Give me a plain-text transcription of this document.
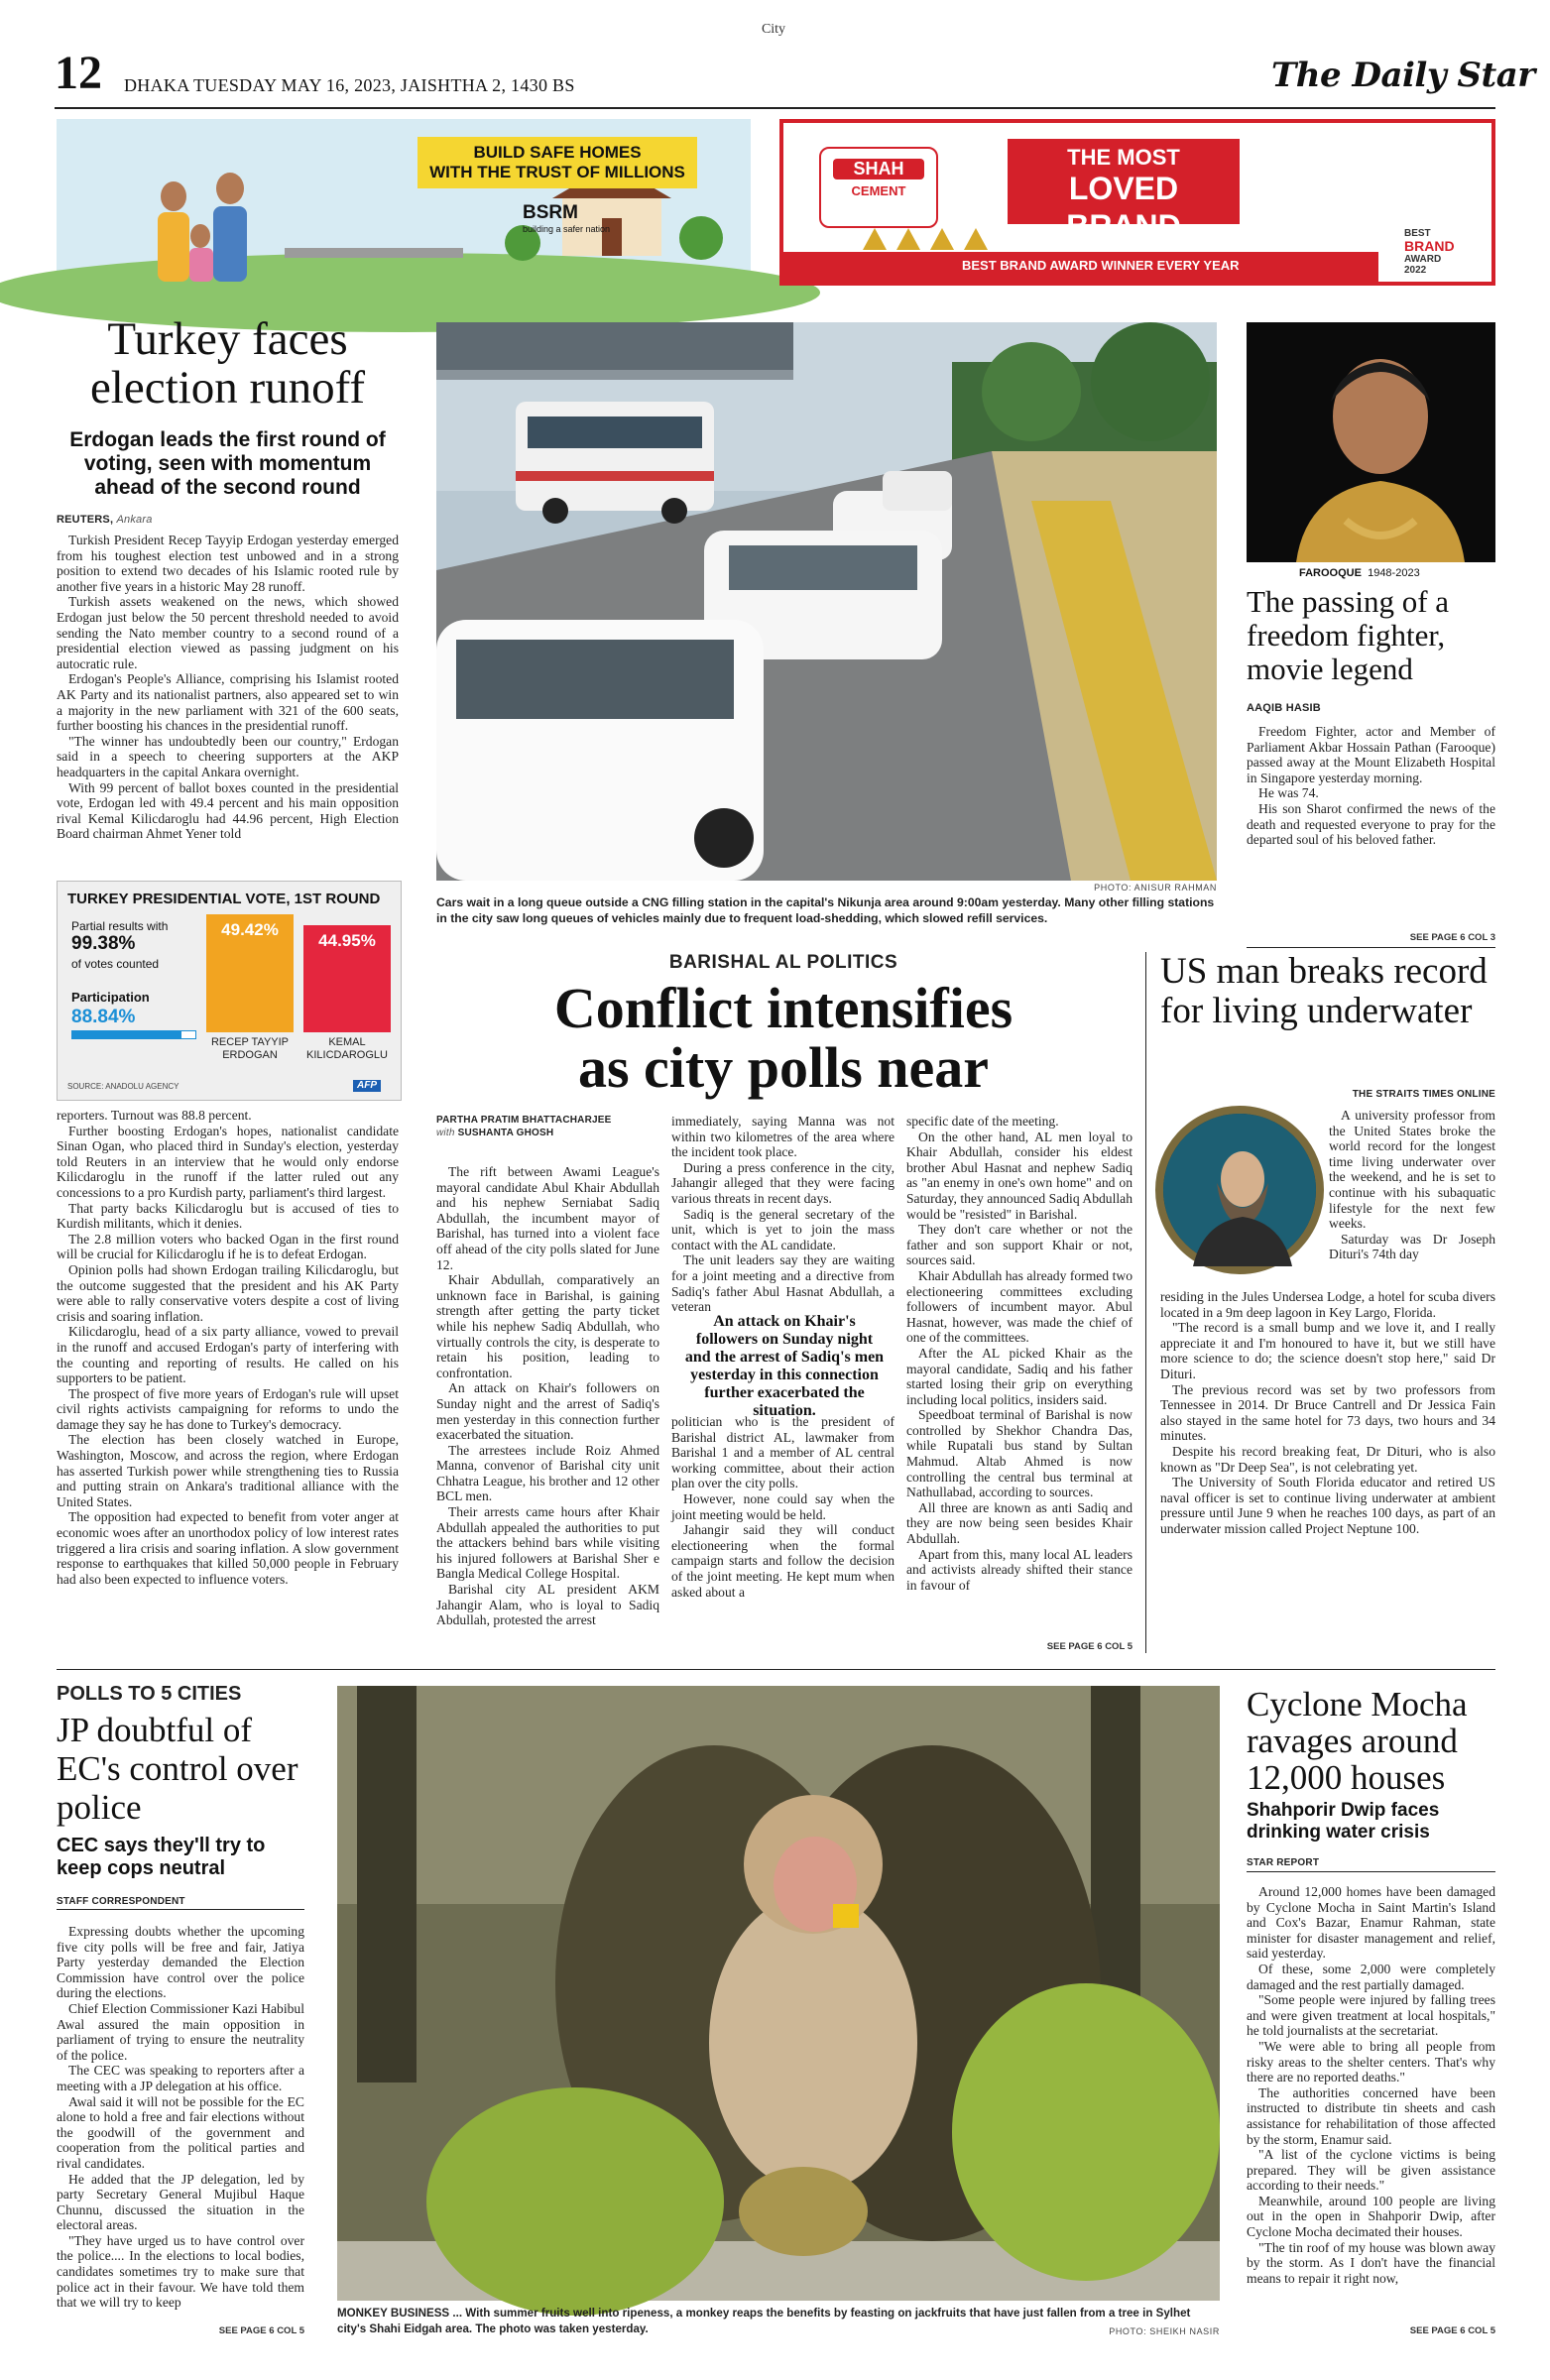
City
12 DHAKA TUESDAY MAY 16, 2023, JAISHTHA 2, 1430 BS	The Daily Star
BUILD SAFE HOMES
WITH THE TRUST OF MILLIONS
BSRM
building a safer nation
SHAH
CEMENT
THE MOST
LOVED BRAND
BEST BRAND AWARD WINNER EVERY YEAR
BEST
BRAND
AWARD
2022
Turkey faces election runoff
Erdogan leads the first round of voting, seen with momentum ahead of the second round
REUTERS, Ankara

Turkish President Recep Tayyip Erdogan yesterday emerged from his toughest election test unbowed and in a strong position to extend two decades of his Islamic rooted rule by another five years in a historic May 28 runoff.

Turkish assets weakened on the news, which showed Erdogan just below the 50 percent threshold needed to avoid sending the Nato member country to a second round of a presidential election viewed as passing judgment on his autocratic rule.

Erdogan's People's Alliance, comprising his Islamist rooted AK Party and its nationalist partners, also appeared set to win a majority in the new parliament with 321 of the 600 seats, further boosting his chances in the presidential runoff.

"The winner has undoubtedly been our country," Erdogan said in a speech to cheering supporters at the AKP headquarters in the capital Ankara overnight.

With 99 percent of ballot boxes counted in the presidential vote, Erdogan led with 49.4 percent and his main opposition rival Kemal Kilicdaroglu had 44.96 percent, High Election Board chairman Ahmet Yener told

TURKEY PRESIDENTIAL VOTE, 1ST ROUND
Partial results with
99.38%
of votes counted
Participation
88.84%
49.42%
44.95%
RECEP TAYYIP
ERDOGAN
KEMAL
KILICDAROGLU
SOURCE: ANADOLU AGENCY	AFP

reporters. Turnout was 88.8 percent.

Further boosting Erdogan's hopes, nationalist candidate Sinan Ogan, who placed third in Sunday's election, yesterday told Reuters in an interview that he would only endorse Kilicdaroglu in the runoff if the latter ruled out any concessions to a pro Kurdish party, parliament's third largest.

That party backs Kilicdaroglu but is accused of ties to Kurdish militants, which it denies.

The 2.8 million voters who backed Ogan in the first round will be crucial for Kilicdaroglu if he is to defeat Erdogan.

Opinion polls had shown Erdogan trailing Kilicdaroglu, but the outcome suggested that the president and his AK Party were able to rally conservative voters despite a cost of living crisis and soaring inflation.

Kilicdaroglu, head of a six party alliance, vowed to prevail in the runoff and accused Erdogan's party of interfering with the counting and reporting of results. He called on his supporters to be patient.

The prospect of five more years of Erdogan's rule will upset civil rights activists campaigning for reforms to undo the damage they say he has done to Turkey's democracy.

The election has been closely watched in Europe, Washington, Moscow, and across the region, where Erdogan has asserted Turkish power while strengthening ties to Russia and putting strain on Ankara's traditional alliance with the United States.

The opposition had expected to benefit from voter anger at economic woes after an unorthodox policy of low interest rates triggered a lira crisis and soaring inflation. A slow government response to earthquakes that killed 50,000 people in February had also been expected to influence voters.

PHOTO: ANISUR RAHMAN
Cars wait in a long queue outside a CNG filling station in the capital's Nikunja area around 9:00am yesterday. Many other filling stations in the city saw long queues of vehicles mainly due to frequent load-shedding, which slowed refill services.
FAROOQUE 1948-2023
The passing of a freedom fighter, movie legend
AAQIB HASIB

Freedom Fighter, actor and Member of Parliament Akbar Hossain Pathan (Farooque) passed away at the Mount Elizabeth Hospital in Singapore yesterday morning.

He was 74.

His son Sharot confirmed the news of the death and requested everyone to pray for the departed soul of his beloved father.

SEE PAGE 6 COL 3
BARISHAL AL POLITICS
Conflict intensifies
as city polls near
PARTHA PRATIM BHATTACHARJEE
with SUSHANTA GHOSH

The rift between Awami League's mayoral candidate Abul Khair Abdullah and his nephew Serniabat Sadiq Abdullah, the incumbent mayor of Barishal, has turned into a violent face off ahead of the city polls slated for June 12.

Khair Abdullah, comparatively an unknown face in Barishal, is gaining strength after getting the party ticket while his nephew Sadiq Abdullah, who virtually controls the city, is desperate to retain his position, leading to confrontation.

An attack on Khair's followers on Sunday night and the arrest of Sadiq's men yesterday in this connection further exacerbated the situation.

The arrestees include Roiz Ahmed Manna, convenor of Barishal city unit Chhatra League, his brother and 12 other BCL men.

Their arrests came hours after Khair Abdullah appealed the authorities to put the attackers behind bars while visiting his injured followers at Barishal Sher e Bangla Medical College Hospital.

Barishal city AL president AKM Jahangir Alam, who is loyal to Sadiq Abdullah, protested the arrest

immediately, saying Manna was not within two kilometres of the area where the incident took place.

During a press conference in the city, Jahangir alleged that they were facing various threats in recent days.

Sadiq is the general secretary of the unit, which is yet to join the mass contact with the AL candidate.

The unit leaders say they are waiting for a joint meeting and a directive from Sadiq's father Abul Hasnat Abdullah, a veteran

An attack on Khair's followers on Sunday night and the arrest of Sadiq's men yesterday in this connection further exacerbated the situation.

politician who is the president of Barishal district AL, lawmaker from Barishal 1 and a member of AL central working committee, about their action plan over the city polls.

However, none could say when the joint meeting would be held.

Jahangir said they will conduct electioneering when the formal campaign starts and follow the decision of the joint meeting. He kept mum when asked about a

specific date of the meeting.

On the other hand, AL men loyal to Khair Abdullah, consider his eldest brother Abul Hasnat and nephew Sadiq as "an enemy in one's own home" and on Saturday, they announced Sadiq Abdullah would be "resisted" in Barishal.

They don't care whether or not the father and son support Khair or not, sources said.

Khair Abdullah has already formed two electioneering committees excluding followers of incumbent mayor. Abul Hasnat, however, was made the chief of one of the committees.

After the AL picked Khair as the mayoral candidate, Sadiq and his father started losing their grip on everything including local politics, insiders said.

Speedboat terminal of Barishal is now controlled by Shekhor Chandra Das, while Rupatali bus stand by Sultan Mahmud. Altab Ahmed is now controlling the central bus terminal at Nathullabad, according to sources.

All three are known as anti Sadiq and they are now being seen besides Khair Abdullah.

Apart from this, many local AL leaders and activists already shifted their stance in favour of

SEE PAGE 6 COL 5
US man breaks record for living underwater
THE STRAITS TIMES ONLINE

A university professor from the United States broke the world record for the longest time living underwater over the weekend, and he is set to continue with his subaquatic lifestyle for the next few weeks.

Saturday was Dr Joseph Dituri's 74th day

residing in the Jules Undersea Lodge, a hotel for scuba divers located in a 9m deep lagoon in Key Largo, Florida.

"The record is a small bump and we love it, and I really appreciate it and I'm honoured to have it, but we still have more science to do; the science doesn't stop here," said Dr Dituri.

The previous record was set by two professors from Tennessee in 2014. Dr Bruce Cantrell and Dr Jessica Fain also stayed in the same hotel for 73 days, two hours and 34 minutes.

Despite his record breaking feat, Dr Dituri, who is also known as "Dr Deep Sea", is not celebrating yet.

The University of South Florida educator and retired US naval officer is set to continue living underwater at ambient pressure until June 9 when he reaches 100 days, as part of an underwater mission called Project Neptune 100.

POLLS TO 5 CITIES
JP doubtful of EC's control over police
CEC says they'll try to keep cops neutral
STAFF CORRESPONDENT

Expressing doubts whether the upcoming five city polls will be free and fair, Jatiya Party yesterday demanded the Election Commission have control over the police during the elections.

Chief Election Commissioner Kazi Habibul Awal assured the main opposition in parliament of trying to ensure the neutrality of the police.

The CEC was speaking to reporters after a meeting with a JP delegation at his office.

Awal said it will not be possible for the EC alone to hold a free and fair elections without the goodwill of the government and cooperation from the political parties and rival candidates.

He added that the JP delegation, led by party Secretary General Mujibul Haque Chunnu, discussed the situation in the electoral areas.

"They have urged us to have control over the police.... In the elections to local bodies, candidates sometimes try to make sure that police act in their favour. We have told them that we will try to keep

SEE PAGE 6 COL 5
MONKEY BUSINESS ... With summer fruits well into ripeness, a monkey reaps the benefits by feasting on jackfruits that have just fallen from a tree in Sylhet city's Shahi Eidgah area. The photo was taken yesterday.	PHOTO: SHEIKH NASIR
Cyclone Mocha ravages around 12,000 houses
Shahporir Dwip faces drinking water crisis
STAR REPORT

Around 12,000 homes have been damaged by Cyclone Mocha in Saint Martin's Island and Cox's Bazar, Enamur Rahman, state minister for disaster management and relief, said yesterday.

Of these, some 2,000 were completely damaged and the rest partially damaged.

"Some people were injured by falling trees and were given treatment at local hospitals," he told journalists at the secretariat.

"We were able to bring all people from risky areas to the shelter centers. That's why there are no reported deaths."

The authorities concerned have been instructed to distribute tin sheets and cash assistance for rehabilitation of those affected by the storm, Enamur said.

"A list of the cyclone victims is being prepared. They will be given assistance according to their needs."

Meanwhile, around 100 people are living out in the open in Shahporir Dwip, after Cyclone Mocha decimated their houses.

"The tin roof of my house was blown away by the storm. As I don't have the financial means to repair it right now,

SEE PAGE 6 COL 5
